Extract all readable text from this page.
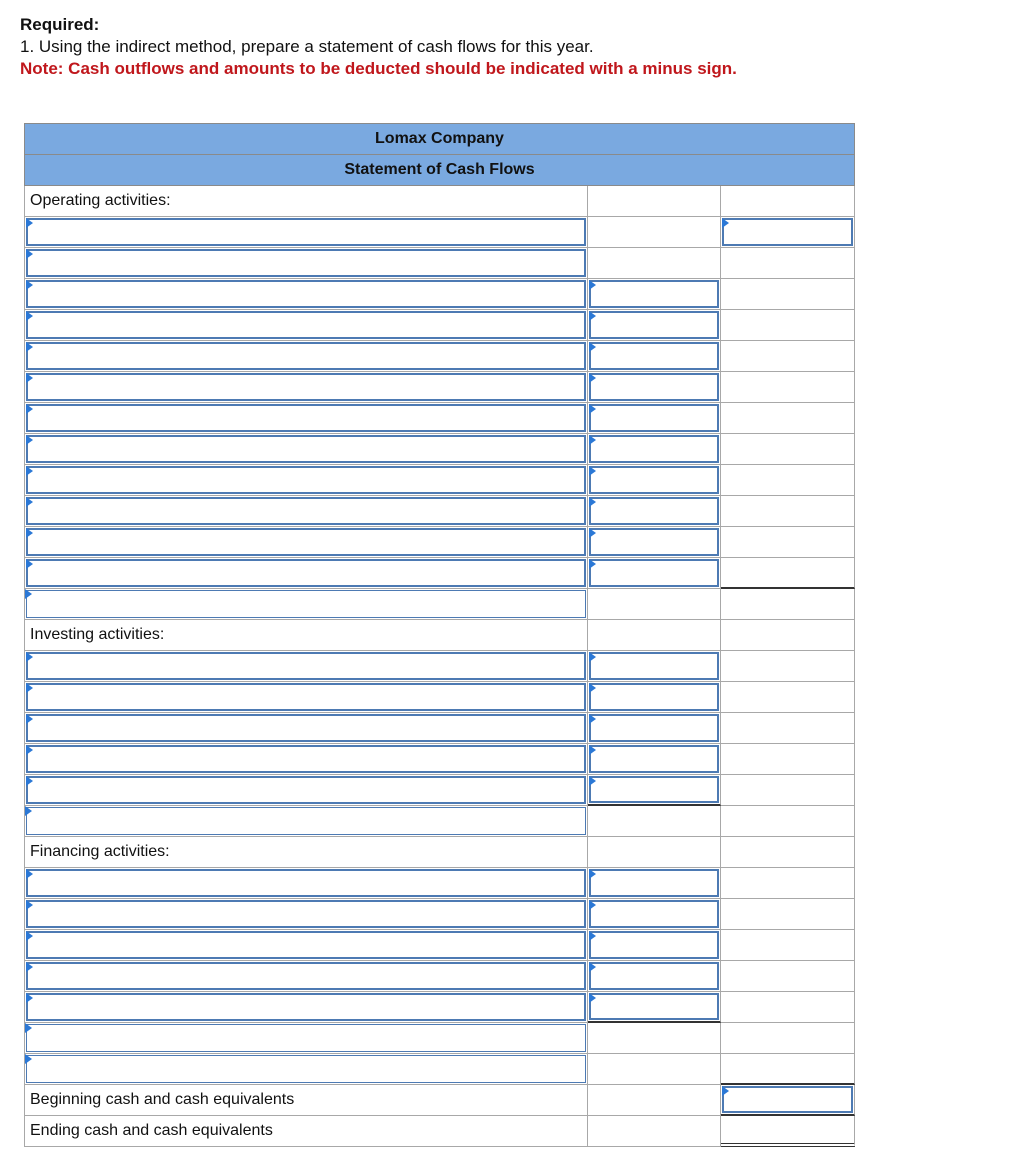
Required:
1. Using the indirect method, prepare a statement of cash flows for this year.
Note: Cash outflows and amounts to be deducted should be indicated with a minus sign.
Lomax Company
Statement of Cash Flows
Operating activities:
Investing activities:
Financing activities:
Beginning cash and cash equivalents
Ending cash and cash equivalents
